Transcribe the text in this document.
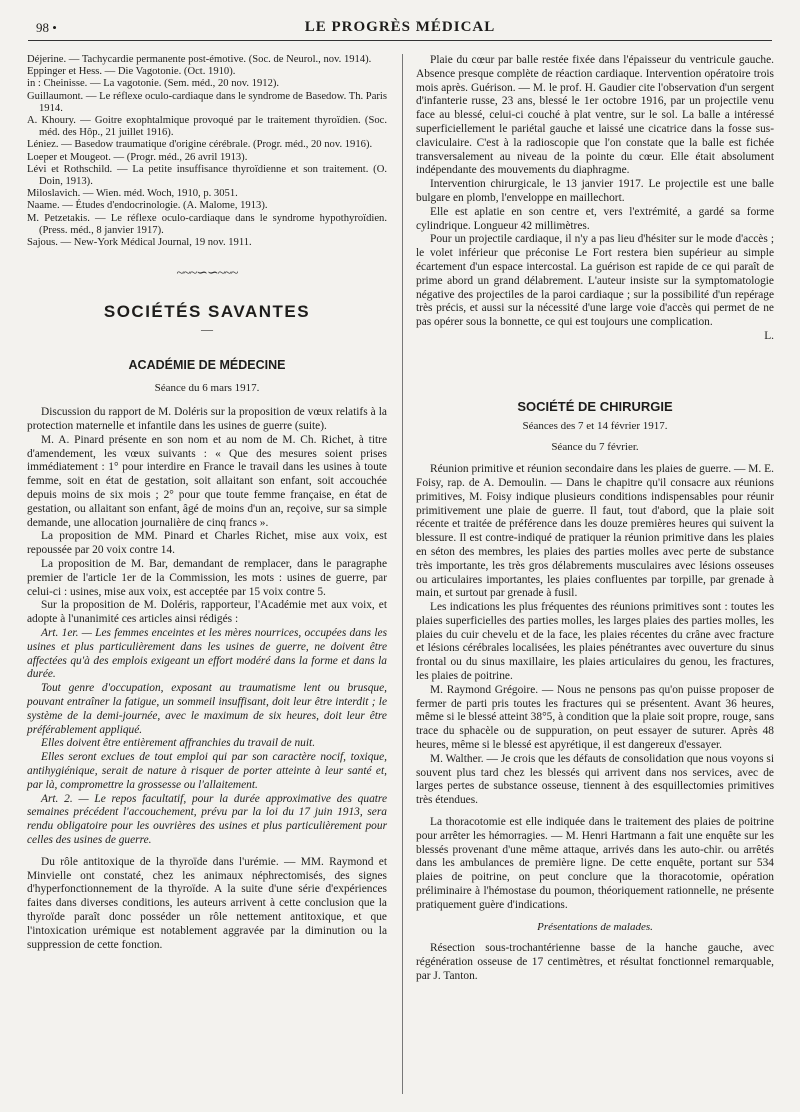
98 •	LE PROGRÈS MÉDICAL

Déjerine. — Tachycardie permanente post-émotive. (Soc. de Neurol., nov. 1914).

Eppinger et Hess. — Die Vagotonie. (Oct. 1910).

in : Cheinisse. — La vagotonie. (Sem. méd., 20 nov. 1912).

Guillaumont. — Le réflexe oculo-cardiaque dans le syndrome de Basedow. Th. Paris 1914.

A. Khoury. — Goitre exophtalmique provoqué par le traitement thyroïdien. (Soc. méd. des Hôp., 21 juillet 1916).

Léniez. — Basedow traumatique d'origine cérébrale. (Progr. méd., 20 nov. 1916).

Loeper et Mougeot. — (Progr. méd., 26 avril 1913).

Lévi et Rothschild. — La petite insuffisance thyroïdienne et son traitement. (O. Doin, 1913).

Miloslavich. — Wien. méd. Woch, 1910, p. 3051.

Naame. — Études d'endocrinologie. (A. Malome, 1913).

M. Petzetakis. — Le réflexe oculo-cardiaque dans le syndrome hypothyroïdien. (Press. méd., 8 janvier 1917).

Sajous. — New-York Médical Journal, 19 nov. 1911.

~~~∽∽~~~
SOCIÉTÉS SAVANTES
—
ACADÉMIE DE MÉDECINE
Séance du 6 mars 1917.

Discussion du rapport de M. Doléris sur la proposition de vœux relatifs à la protection maternelle et infantile dans les usines de guerre (suite).

M. A. Pinard présente en son nom et au nom de M. Ch. Richet, à titre d'amendement, les vœux suivants : « Que des mesures soient prises immédiatement : 1° pour interdire en France le travail dans les usines à toute femme, soit en état de gestation, soit allaitant son enfant, soit accouchée depuis moins de six mois ; 2° pour que toute femme française, en état de gestation, ou allaitant son enfant, âgé de moins d'un an, reçoive, sur sa simple demande, une allocation journalière de cinq francs ».

La proposition de MM. Pinard et Charles Richet, mise aux voix, est repoussée par 20 voix contre 14.

La proposition de M. Bar, demandant de remplacer, dans le paragraphe premier de l'article 1er de la Commission, les mots : usines de guerre, par celui-ci : usines, mise aux voix, est acceptée par 15 voix contre 5.

Sur la proposition de M. Doléris, rapporteur, l'Académie met aux voix, et adopte à l'unanimité ces articles ainsi rédigés :

Art. 1er. — Les femmes enceintes et les mères nourrices, occupées dans les usines et plus particulièrement dans les usines de guerre, ne doivent être affectées qu'à des emplois exigeant un effort modéré dans la forme et dans la durée.

Tout genre d'occupation, exposant au traumatisme lent ou brusque, pouvant entraîner la fatigue, un sommeil insuffisant, doit leur être interdit ; le système de la demi-journée, avec le maximum de six heures, doit leur être préférablement appliqué.

Elles doivent être entièrement affranchies du travail de nuit.

Elles seront exclues de tout emploi qui par son caractère nocif, toxique, antihygiénique, serait de nature à risquer de porter atteinte à leur santé et, par là, compromettre la grossesse ou l'allaitement.

Art. 2. — Le repos facultatif, pour la durée approximative des quatre semaines précédent l'accouchement, prévu par la loi du 17 juin 1913, sera rendu obligatoire pour les ouvrières des usines et plus particulièrement pour celles des usines de guerre.

Du rôle antitoxique de la thyroïde dans l'urémie. — MM. Raymond et Minvielle ont constaté, chez les animaux néphrectomisés, des signes d'hyperfonctionnement de la thyroïde. A la suite d'une série d'expériences faites dans diverses conditions, les auteurs arrivent à cette conclusion que la thyroïde paraît donc posséder un rôle nettement antitoxique, et que l'intoxication urémique est notablement aggravée par la diminution ou la suppression de cette fonction.

Plaie du cœur par balle restée fixée dans l'épaisseur du ventricule gauche. Absence presque complète de réaction cardiaque. Intervention opératoire trois mois après. Guérison. — M. le prof. H. Gaudier cite l'observation d'un sergent d'infanterie russe, 23 ans, blessé le 1er octobre 1916, par un projectile venu face au blessé, celui-ci couché à plat ventre, sur le sol. La balle a intéressé superficiellement le pariétal gauche et laissé une cicatrice dans la fosse sus-claviculaire. C'est à la radioscopie que l'on constate que la balle est fichée transversalement au niveau de la pointe du cœur. Elle était absolument indépendante des mouvements du diaphragme.

Intervention chirurgicale, le 13 janvier 1917. Le projectile est une balle bulgare en plomb, l'enveloppe en maillechort.

Elle est aplatie en son centre et, vers l'extrémité, a gardé sa forme cylindrique. Longueur 42 millimètres.

Pour un projectile cardiaque, il n'y a pas lieu d'hésiter sur le mode d'accès ; le volet inférieur que préconise Le Fort restera bien supérieur au simple écartement d'un espace intercostal. La guérison est rapide de ce qui paraît de prime abord un grand délabrement. L'auteur insiste sur la symptomatologie négative des projectiles de la paroi cardiaque ; sur la possibilité d'un repérage très précis, et aussi sur la nécessité d'une large voie d'accès qui permet de ne pas opérer sous la bonnette, ce qui est toujours une complication.

L.
SOCIÉTÉ DE CHIRURGIE
Séances des 7 et 14 février 1917.
Séance du 7 février.

Réunion primitive et réunion secondaire dans les plaies de guerre. — M. E. Foisy, rap. de A. Demoulin. — Dans le chapitre qu'il consacre aux réunions primitives, M. Foisy indique plusieurs conditions indispensables pour réunir primitivement une plaie de guerre. Il faut, tout d'abord, que la plaie soit récente et traitée de préférence dans les douze premières heures qui suivent la blessure. Il est contre-indiqué de pratiquer la réunion primitive dans les plaies en séton des membres, les plaies des parties molles avec perte de substance très importante, les très gros délabrements musculaires avec lésions osseuses ou articulaires importantes, les plaies confluentes par torpille, par grenade à main, et surtout par grenade à fusil.

Les indications les plus fréquentes des réunions primitives sont : toutes les plaies superficielles des parties molles, les larges plaies des parties molles, les plaies du cuir chevelu et de la face, les plaies récentes du crâne avec fracture et lésions cérébrales localisées, les plaies pénétrantes avec ouverture du sinus frontal ou du sinus maxillaire, les plaies articulaires du genou, les fractures, les plaies de poitrine.

M. Raymond Grégoire. — Nous ne pensons pas qu'on puisse proposer de fermer de parti pris toutes les fractures qui se présentent. Avant 36 heures, même si le blessé atteint 38°5, à condition que la plaie soit propre, rouge, sans trace du sphacèle ou de suppuration, on peut essayer de suturer. Après 48 heures, même si le blessé est apyrétique, il est dangereux d'essayer.

M. Walther. — Je crois que les défauts de consolidation que nous voyons si souvent plus tard chez les blessés qui arrivent dans nos services, avec de larges pertes de substance osseuse, tiennent à des esquillectomies primitives très étendues.

La thoracotomie est elle indiquée dans le traitement des plaies de poitrine pour arrêter les hémorragies. — M. Henri Hartmann a fait une enquête sur les blessés provenant d'une même attaque, arrivés dans les auto-chir. ou arrêtés dans les ambulances de première ligne. De cette enquête, portant sur 534 plaies de poitrine, on peut conclure que la thoracotomie, opération préliminaire à l'hémostase du poumon, théoriquement rationnelle, ne présente pratiquement guère d'indications.

Présentations de malades.

Résection sous-trochantérienne basse de la hanche gauche, avec régénération osseuse de 17 centimètres, et résultat fonctionnel remarquable, par J. Tanton.
